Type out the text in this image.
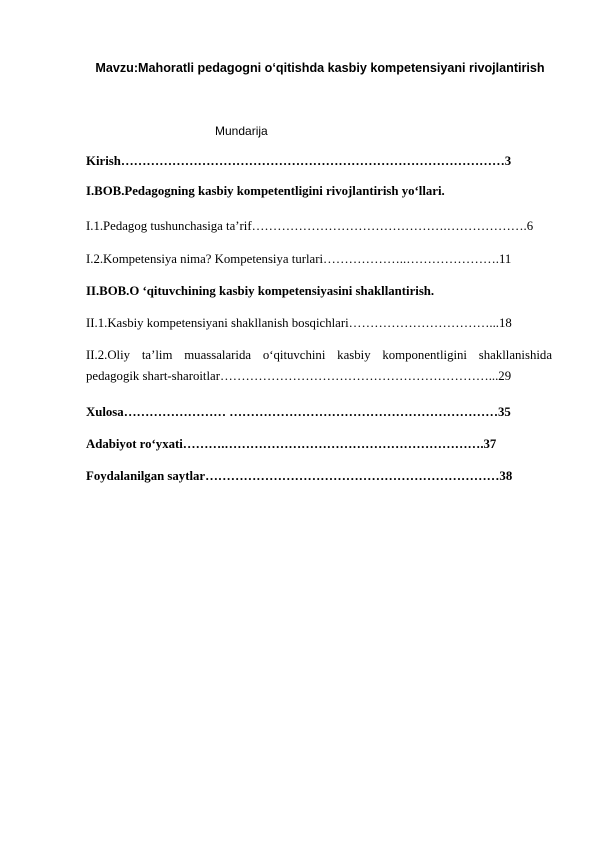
Mavzu:Mahoratli pedagogni o‘qitishda kasbiy kompetensiyani rivojlantirish
Mundarija
Kirish………………………………………………………………………………3
I.BOB.Pedagogning kasbiy kompetentligini rivojlantirish yo‘llari.
I.1.Pedagog tushunchasiga ta’rif……………………………………….……………….6
I.2.Kompetensiya nima? Kompetensiya turlari………………..………………….11
II.BOB.O ‘qituvchining kasbiy kompetensiyasini shakllantirish.
II.1.Kasbiy kompetensiyani shakllanish bosqichlari……………………………...18
II.2.Oliy ta’lim muassalarida o‘qituvchini kasbiy komponentligini shakllanishida
pedagogik shart-sharoitlar………………………………………………………...29
Xulosa…………………… ………………………………………………………35
Adabiyot ro‘yxati……….…………………………………………………….37
Foydalanilgan saytlar……………………………………………………………38
